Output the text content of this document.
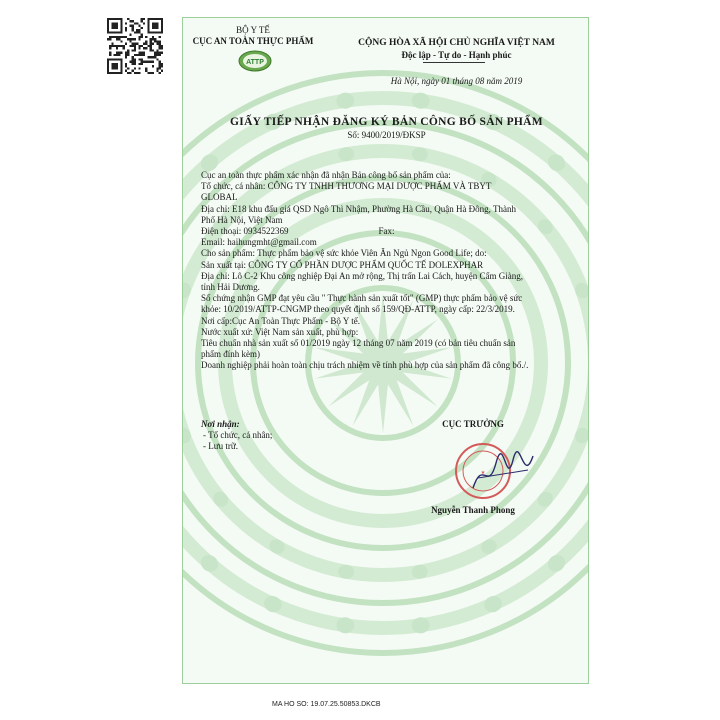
BỘ Y TẾ
CỤC AN TOÀN THỰC PHẨM
ATTP
CỘNG HÒA XÃ HỘI CHỦ NGHĨA VIỆT NAM
Độc lập - Tự do - Hạnh phúc
Hà Nội, ngày 01 tháng 08 năm 2019
GIẤY TIẾP NHẬN ĐĂNG KÝ BẢN CÔNG BỐ SẢN PHẨM
Số: 9400/2019/ĐKSP

Cục an toàn thực phẩm xác nhận đã nhận Bản công bố sản phẩm của:

Tổ chức, cá nhân: CÔNG TY TNHH THƯƠNG MẠI DƯỢC PHẨM VÀ TBYT

GLOBAL

Địa chỉ: E18 khu đấu giá QSD Ngô Thì Nhậm, Phường Hà Cầu, Quận Hà Đông, Thành

Phố Hà Nội, Việt Nam

Điện thoại: 0934522369	Fax:

Email: haihungmht@gmail.com

Cho sản phẩm: Thực phẩm bảo vệ sức khỏe Viên Ăn Ngủ Ngon Good Life; do:

Sản xuất tại: CÔNG TY CỔ PHẦN DƯỢC PHẨM QUỐC TẾ DOLEXPHAR

Địa chỉ: Lô C-2 Khu công nghiệp Đại An mở rộng, Thị trấn Lai Cách, huyện Cẩm Giàng,

tỉnh Hải Dương.

Số chứng nhận GMP đạt yêu cầu " Thực hành sản xuất tốt" (GMP) thực phẩm bảo vệ sức

khỏe: 10/2019/ATTP-CNGMP theo quyết định số 159/QĐ-ATTP, ngày cấp: 22/3/2019.

Nơi cấp:Cục An Toàn Thực Phẩm - Bộ Y tế.

Nước xuất xứ: Việt Nam sản xuất, phù hợp:

Tiêu chuẩn nhà sản xuất số 01/2019 ngày 12 tháng 07 năm 2019 (có bản tiêu chuẩn sản

phẩm đính kèm)

Doanh nghiệp phải hoàn toàn chịu trách nhiệm về tính phù hợp của sản phẩm đã công bố./.

Nơi nhận:
- Tổ chức, cá nhân;
- Lưu trữ.
CỤC TRƯỞNG
★
Nguyễn Thanh Phong
MA HO SO: 19.07.25.50853.DKCB
